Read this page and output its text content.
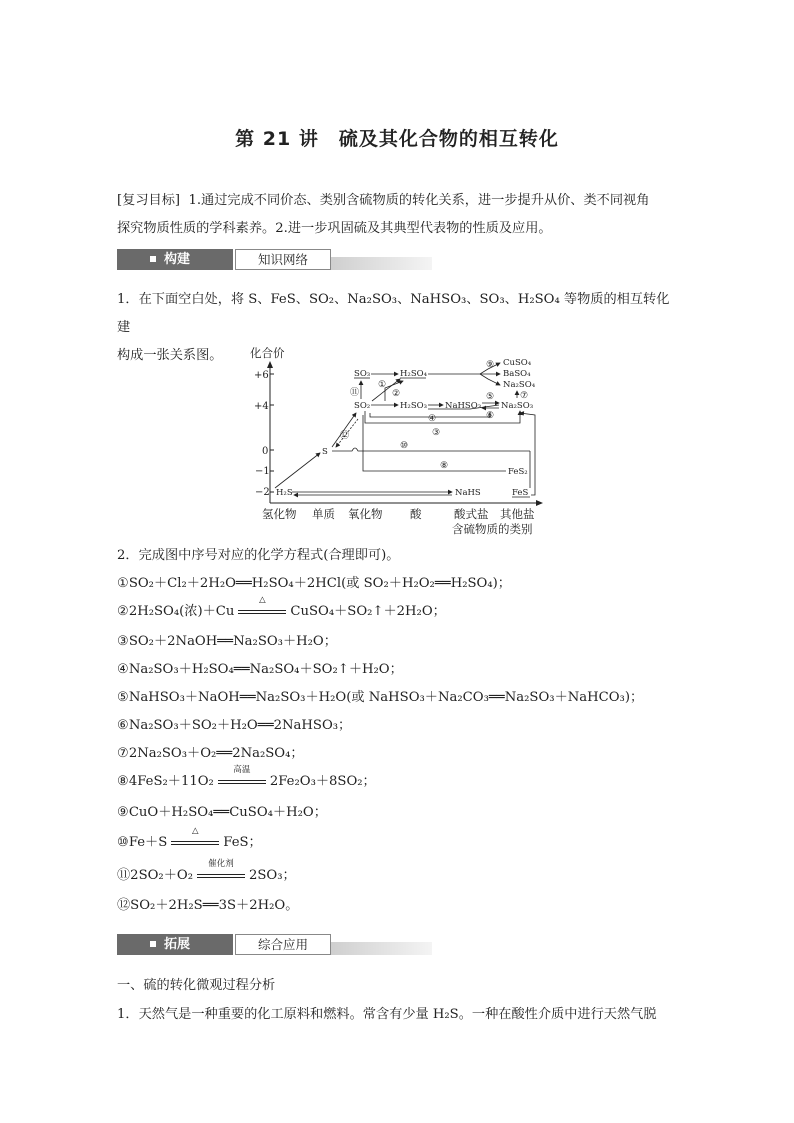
第 21 讲　硫及其化合物的相互转化
[复习目标] 1.通过完成不同价态、类别含硫物质的转化关系，进一步提升从价、类不同视角
探究物质性质的学科素养。2.进一步巩固硫及其典型代表物的性质及应用。
构建	知识网络
1．在下面空白处，将 S、FeS、SO₂、Na₂SO₃、NaHSO₃、SO₃、H₂SO₄ 等物质的相互转化建
构成一张关系图。	化合价
+6
+4
0
−1
−2
氢化物 单质 氧化物 酸	酸式盐 其他盐
含硫物质的类别
SO₃	H₂SO₄
CuSO₄
BaSO₄
Na₂SO₄
SO₂	H₂SO₃ NaHSO₃ Na₂SO₃
S
FeS₂
H₂S	NaHS	FeS
①
②
③
④
⑤
⑥
⑦
⑧
⑨
⑩
⑪
⑫
2．完成图中序号对应的化学方程式(合理即可)。
①SO₂＋Cl₂＋2H₂O══H₂SO₄＋2HCl(或 SO₂＋H₂O₂══H₂SO₄)；
②2H₂SO₄(浓)＋Cu
△
CuSO₄＋SO₂↑＋2H₂O；
③SO₂＋2NaOH══Na₂SO₃＋H₂O；
④Na₂SO₃＋H₂SO₄══Na₂SO₄＋SO₂↑＋H₂O；
⑤NaHSO₃＋NaOH══Na₂SO₃＋H₂O(或 NaHSO₃＋Na₂CO₃══Na₂SO₃＋NaHCO₃)；
⑥Na₂SO₃＋SO₂＋H₂O══2NaHSO₃；
⑦2Na₂SO₃＋O₂══2Na₂SO₄；
⑧4FeS₂＋11O₂
高温
2Fe₂O₃＋8SO₂；
⑨CuO＋H₂SO₄══CuSO₄＋H₂O；
⑩Fe＋S
△
FeS；
⑪2SO₂＋O₂
催化剂
2SO₃；
⑫SO₂＋2H₂S══3S＋2H₂O。
拓展	综合应用
一、硫的转化微观过程分析
1．天然气是一种重要的化工原料和燃料。常含有少量 H₂S。一种在酸性介质中进行天然气脱
